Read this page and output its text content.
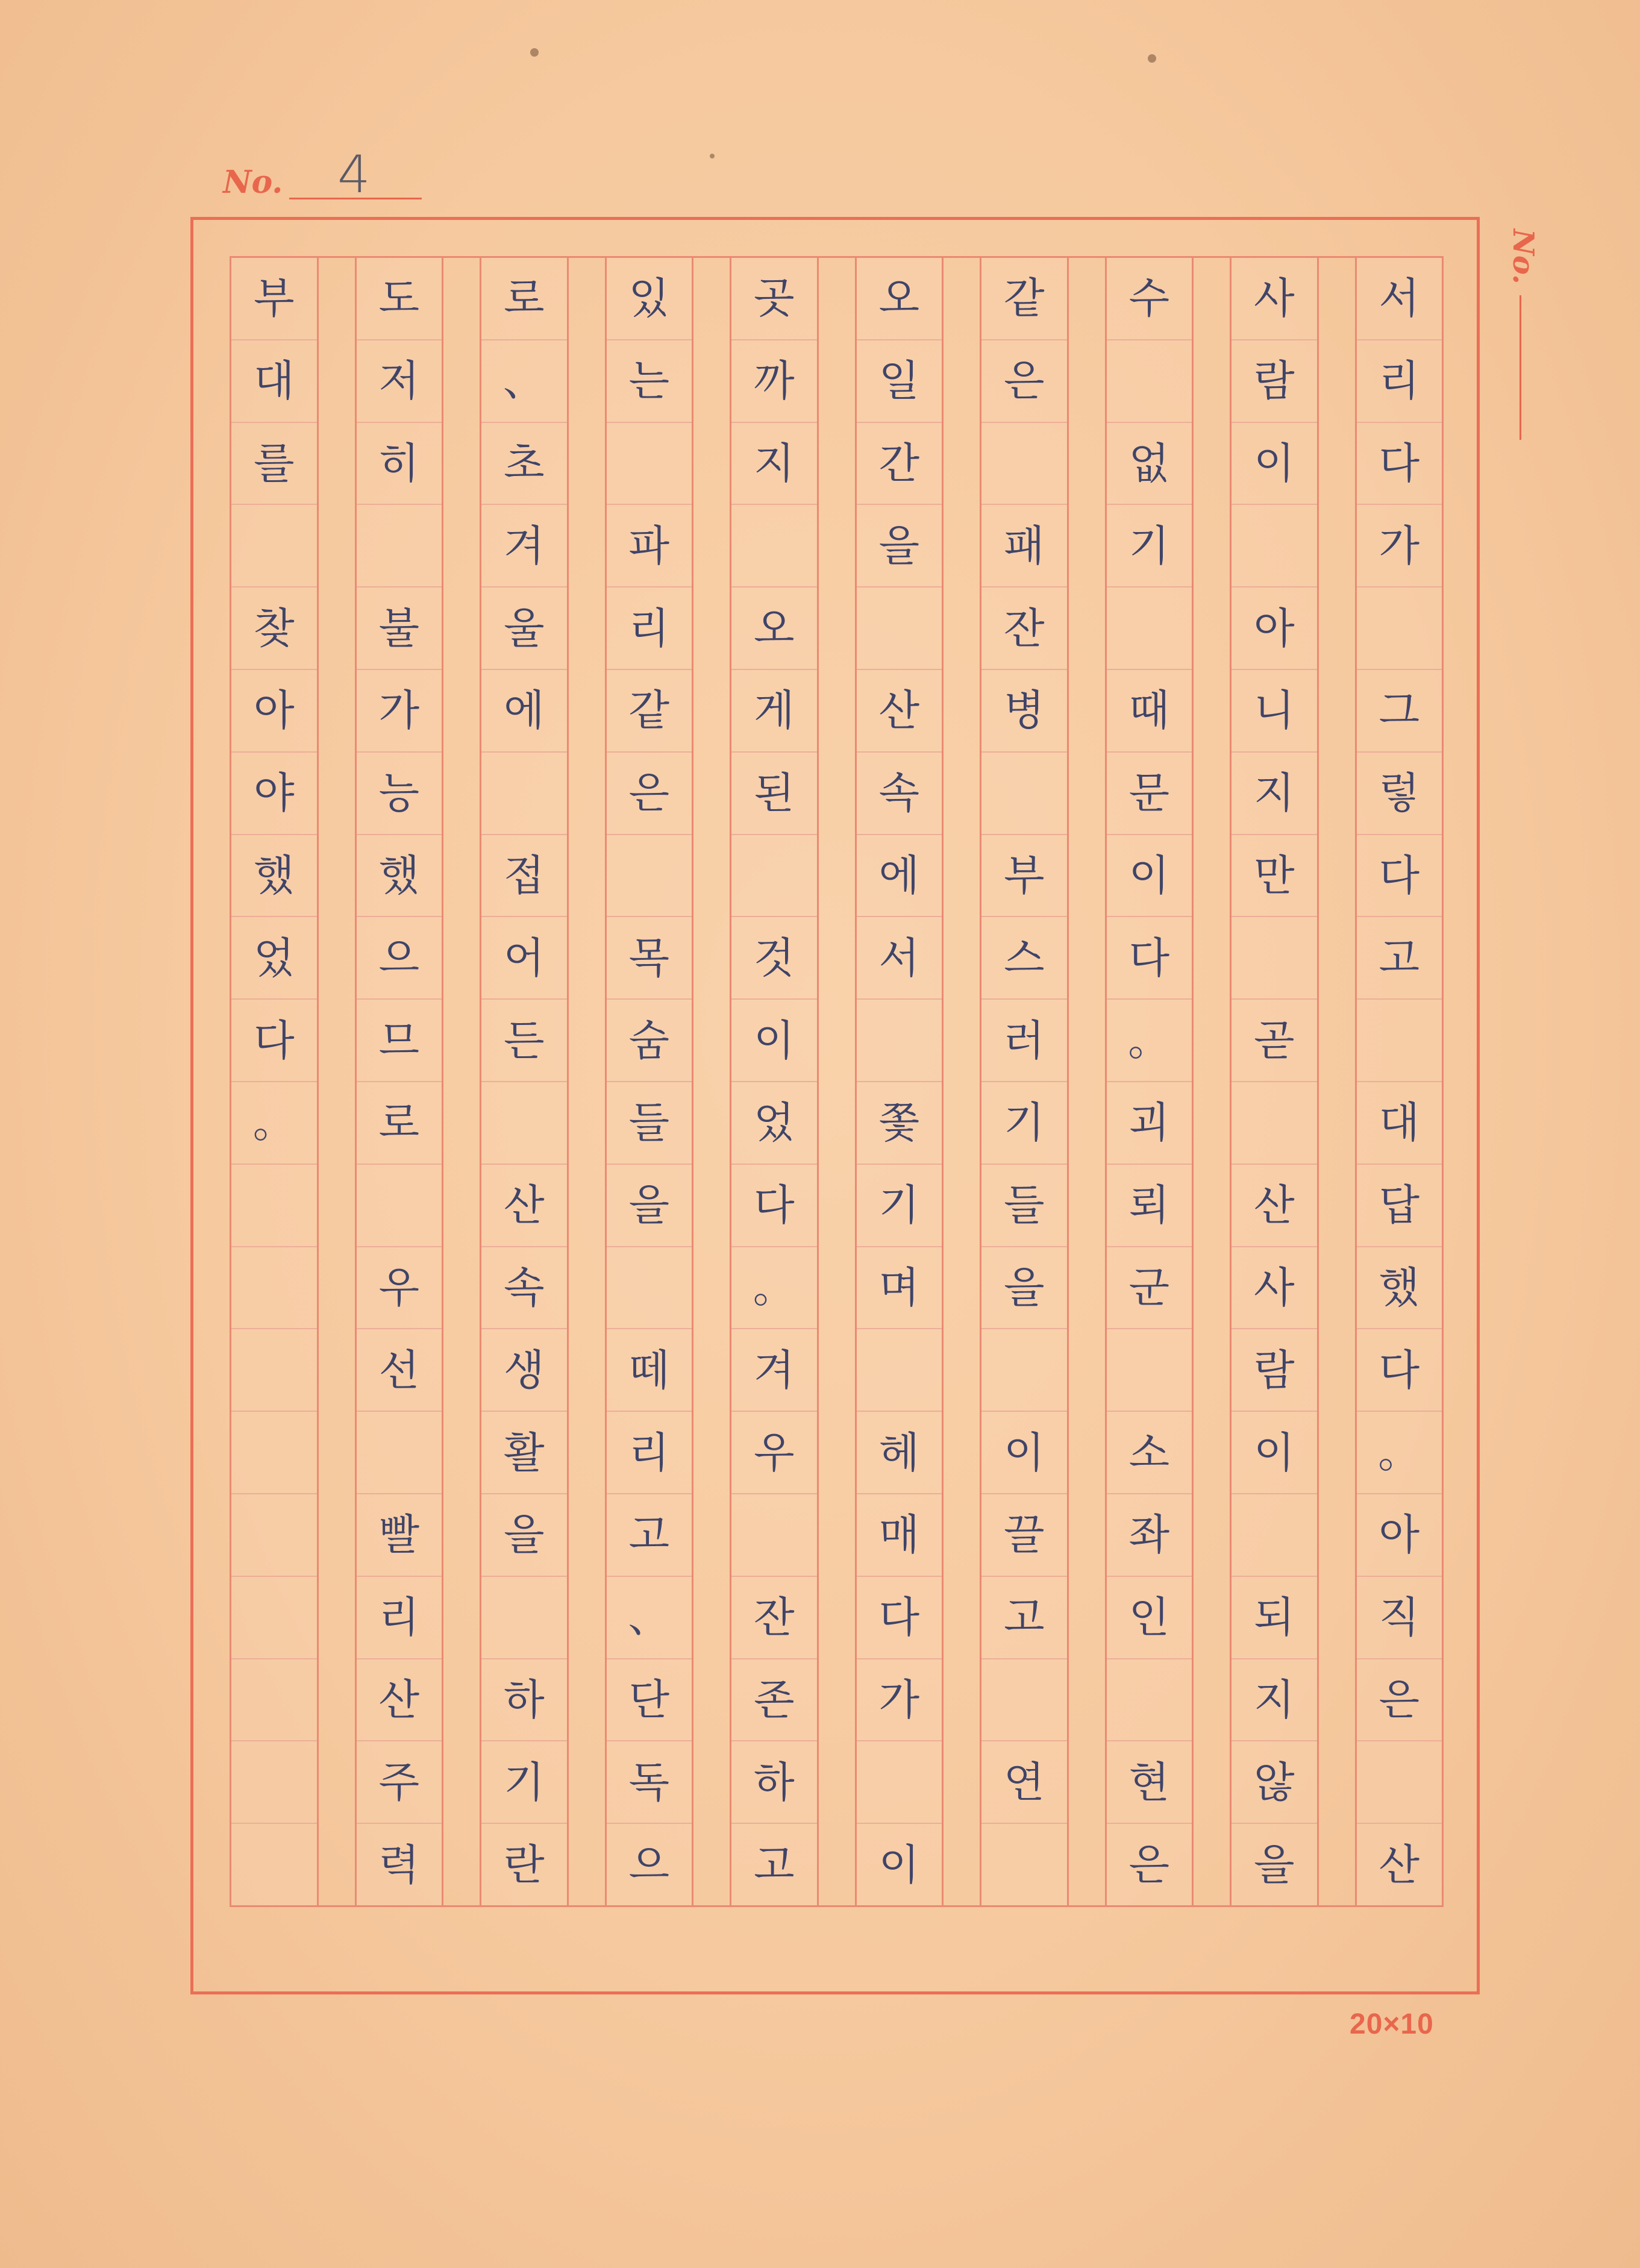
No. 4
No.
서
리
다
가
그
렇
다
고
대
답
했
다
。
아
직
은
산
사
람
이
아
니
지
만
곧
산
사
람
이
되
지
않
을
수
없
기
때
문
이
다
。
괴
뢰
군
소
좌
인
현
은
같
은
패
잔
병
부
스
러
기
들
을
이
끌
고
연
오
일
간
을
산
속
에
서
쫓
기
며
헤
매
다
가
이
곳
까
지
오
게
된
것
이
었
다
。
겨
우
잔
존
하
고
있
는
파
리
같
은
목
숨
들
을
떼
리
고
、
단
독
으
로
、
초
겨
울
에
접
어
든
산
속
생
활
을
하
기
란
도
저
히
불
가
능
했
으
므
로
우
선
빨
리
산
주
력
부
대
를
찾
아
야
했
었
다
。
20×10
